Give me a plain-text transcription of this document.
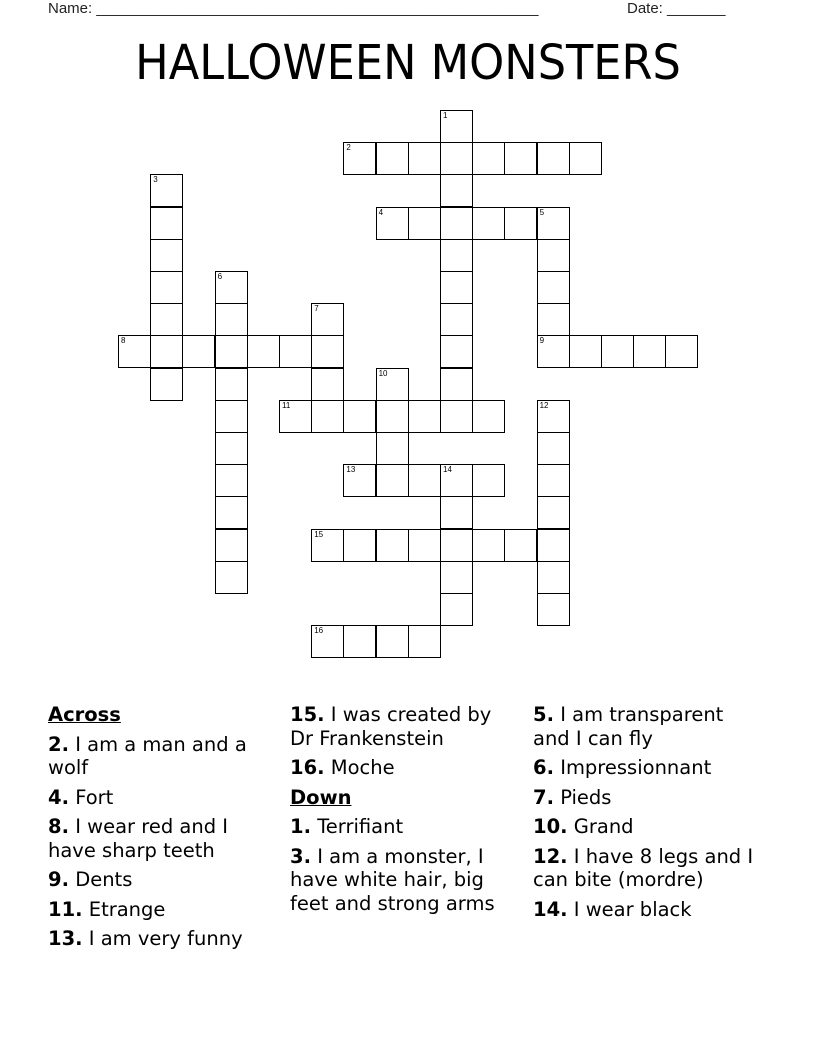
Name: _____________________________________________________	Date: _______
HALLOWEEN MONSTERS
1
2
3
4	5
9
6
7
8
10
11	12
13	14
15
16
Across
2. I am a man and a wolf
4. Fort
8. I wear red and I have sharp teeth
9. Dents
11. Etrange
13. I am very funny
15. I was created by Dr Frankenstein
16. Moche
Down
1. Terrifiant
3. I am a monster, I have white hair, big feet and strong arms
5. I am transparent and I can fly
6. Impressionnant
7. Pieds
10. Grand
12. I have 8 legs and I can bite (mordre)
14. I wear black
